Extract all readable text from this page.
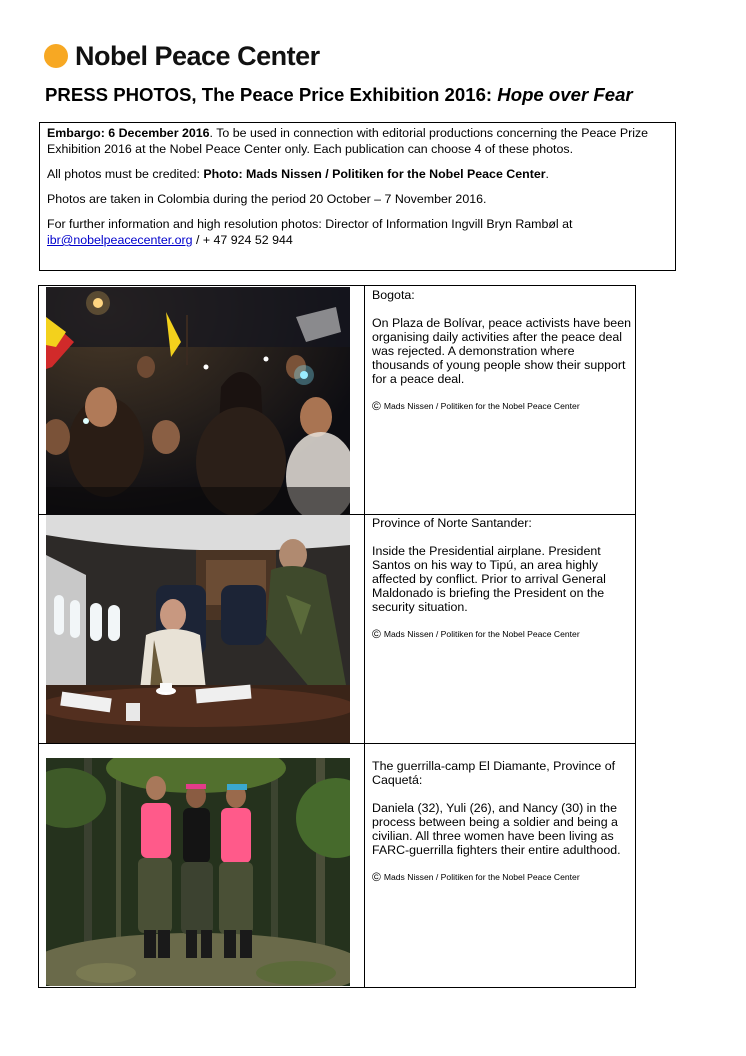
Nobel Peace Center
PRESS PHOTOS, The Peace Price Exhibition 2016: Hope over Fear

Embargo: 6 December 2016. To be used in connection with editorial productions concerning the Peace Prize Exhibition 2016 at the Nobel Peace Center only. Each publication can choose 4 of these photos.

All photos must be credited: Photo: Mads Nissen / Politiken for the Nobel Peace Center.

Photos are taken in Colombia during the period 20 October – 7 November 2016.

For further information and high resolution photos: Director of Information Ingvill Bryn Rambøl at
ibr@nobelpeacecenter.org / + 47 924 52 944

Bogota:

On Plaza de Bolívar, peace activists have been organising daily activities after the peace deal was rejected. A demonstration where thousands of young people show their support for a peace deal.

© Mads Nissen / Politiken for the Nobel Peace Center

Province of Norte Santander:

Inside the Presidential airplane. President Santos on his way to Tipú, an area highly affected by conflict. Prior to arrival General Maldonado is briefing the President on the security situation.

© Mads Nissen / Politiken for the Nobel Peace Center

The guerrilla-camp El Diamante, Province of Caquetá:

Daniela (32), Yuli (26), and Nancy (30) in the process between being a soldier and being a civilian. All three women have been living as FARC-guerrilla fighters their entire adulthood.

© Mads Nissen / Politiken for the Nobel Peace Center
